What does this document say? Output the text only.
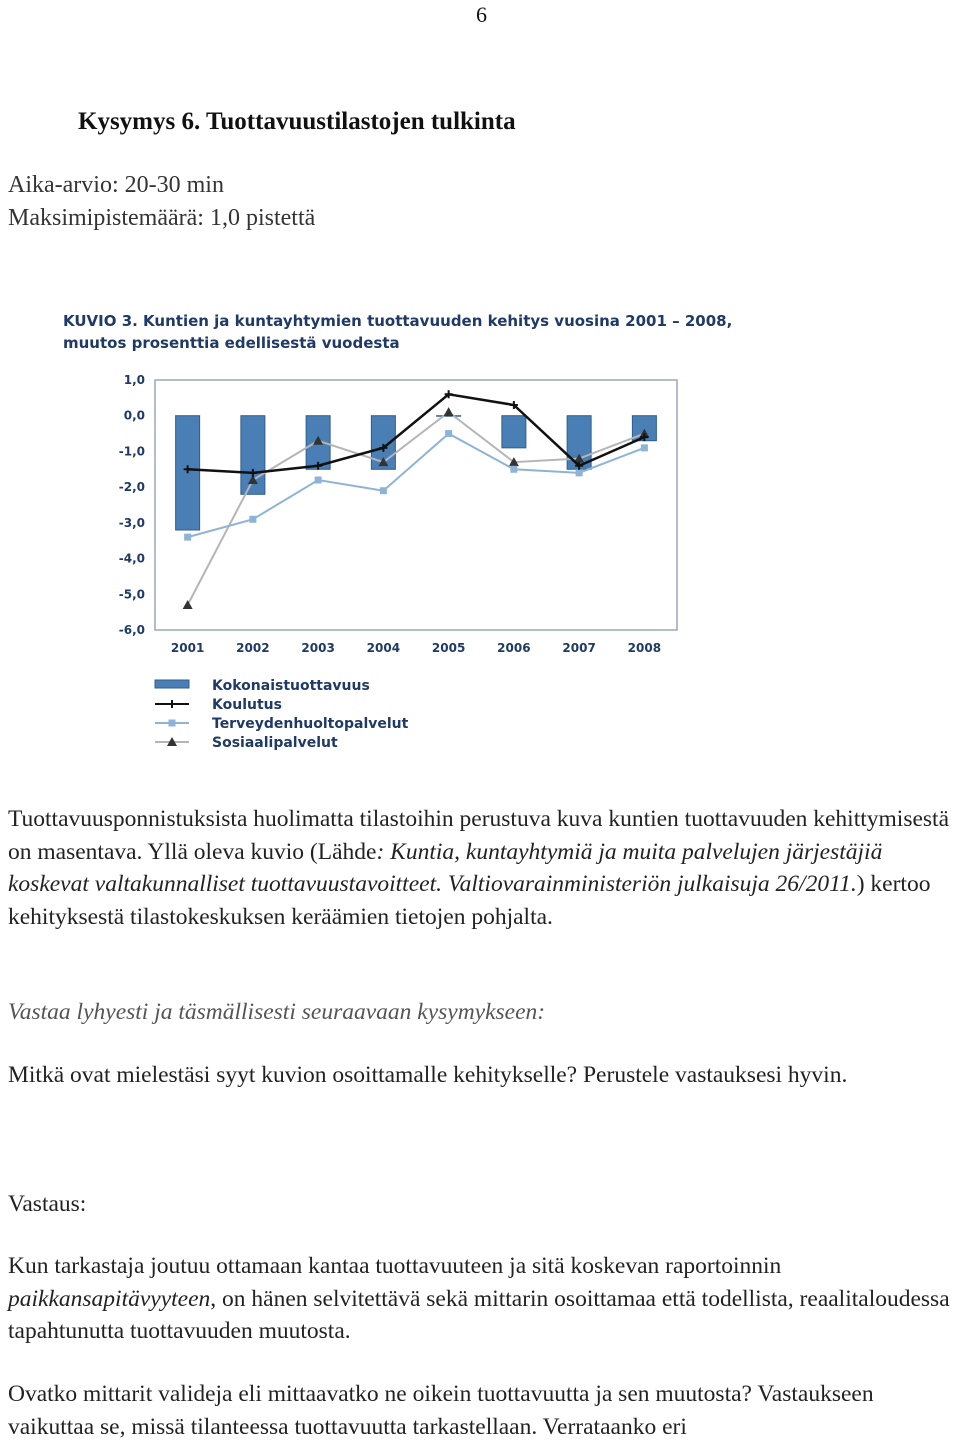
6
Kysymys 6. Tuottavuustilastojen tulkinta
Aika-arvio: 20-30 min
Maksimipistemäärä: 1,0 pistettä
KUVIO 3. Kuntien ja kuntayhtymien tuottavuuden kehitys vuosina 2001 – 2008,
muutos prosenttia edellisestä vuodesta
1,0
0,0
-1,0
-2,0
-3,0
-4,0
-5,0
-6,0
2001	2002	2003	2004	2005	2006	2007	2008
Kokonaistuottavuus
Koulutus
Terveydenhuoltopalvelut
Sosiaalipalvelut
Tuottavuusponnistuksista huolimatta tilastoihin perustuva kuva kuntien tuottavuuden kehittymisestä on masentava. Yllä oleva kuvio (Lähde: Kuntia, kuntayhtymiä ja muita palvelujen järjestäjiä koskevat valtakunnalliset tuottavuustavoitteet. Valtiovarainministeriön julkaisuja 26/2011.) kertoo kehityksestä tilastokeskuksen keräämien tietojen pohjalta.
Vastaa lyhyesti ja täsmällisesti seuraavaan kysymykseen:
Mitkä ovat mielestäsi syyt kuvion osoittamalle kehitykselle? Perustele vastauksesi hyvin.
Vastaus:
Kun tarkastaja joutuu ottamaan kantaa tuottavuuteen ja sitä koskevan raportoinnin paikkansapitävyyteen, on hänen selvitettävä sekä mittarin osoittamaa että todellista, reaalitaloudessa tapahtunutta tuottavuuden muutosta.
Ovatko mittarit valideja eli mittaavatko ne oikein tuottavuutta ja sen muutosta? Vastaukseen vaikuttaa se, missä tilanteessa tuottavuutta tarkastellaan. Verrataanko eri
